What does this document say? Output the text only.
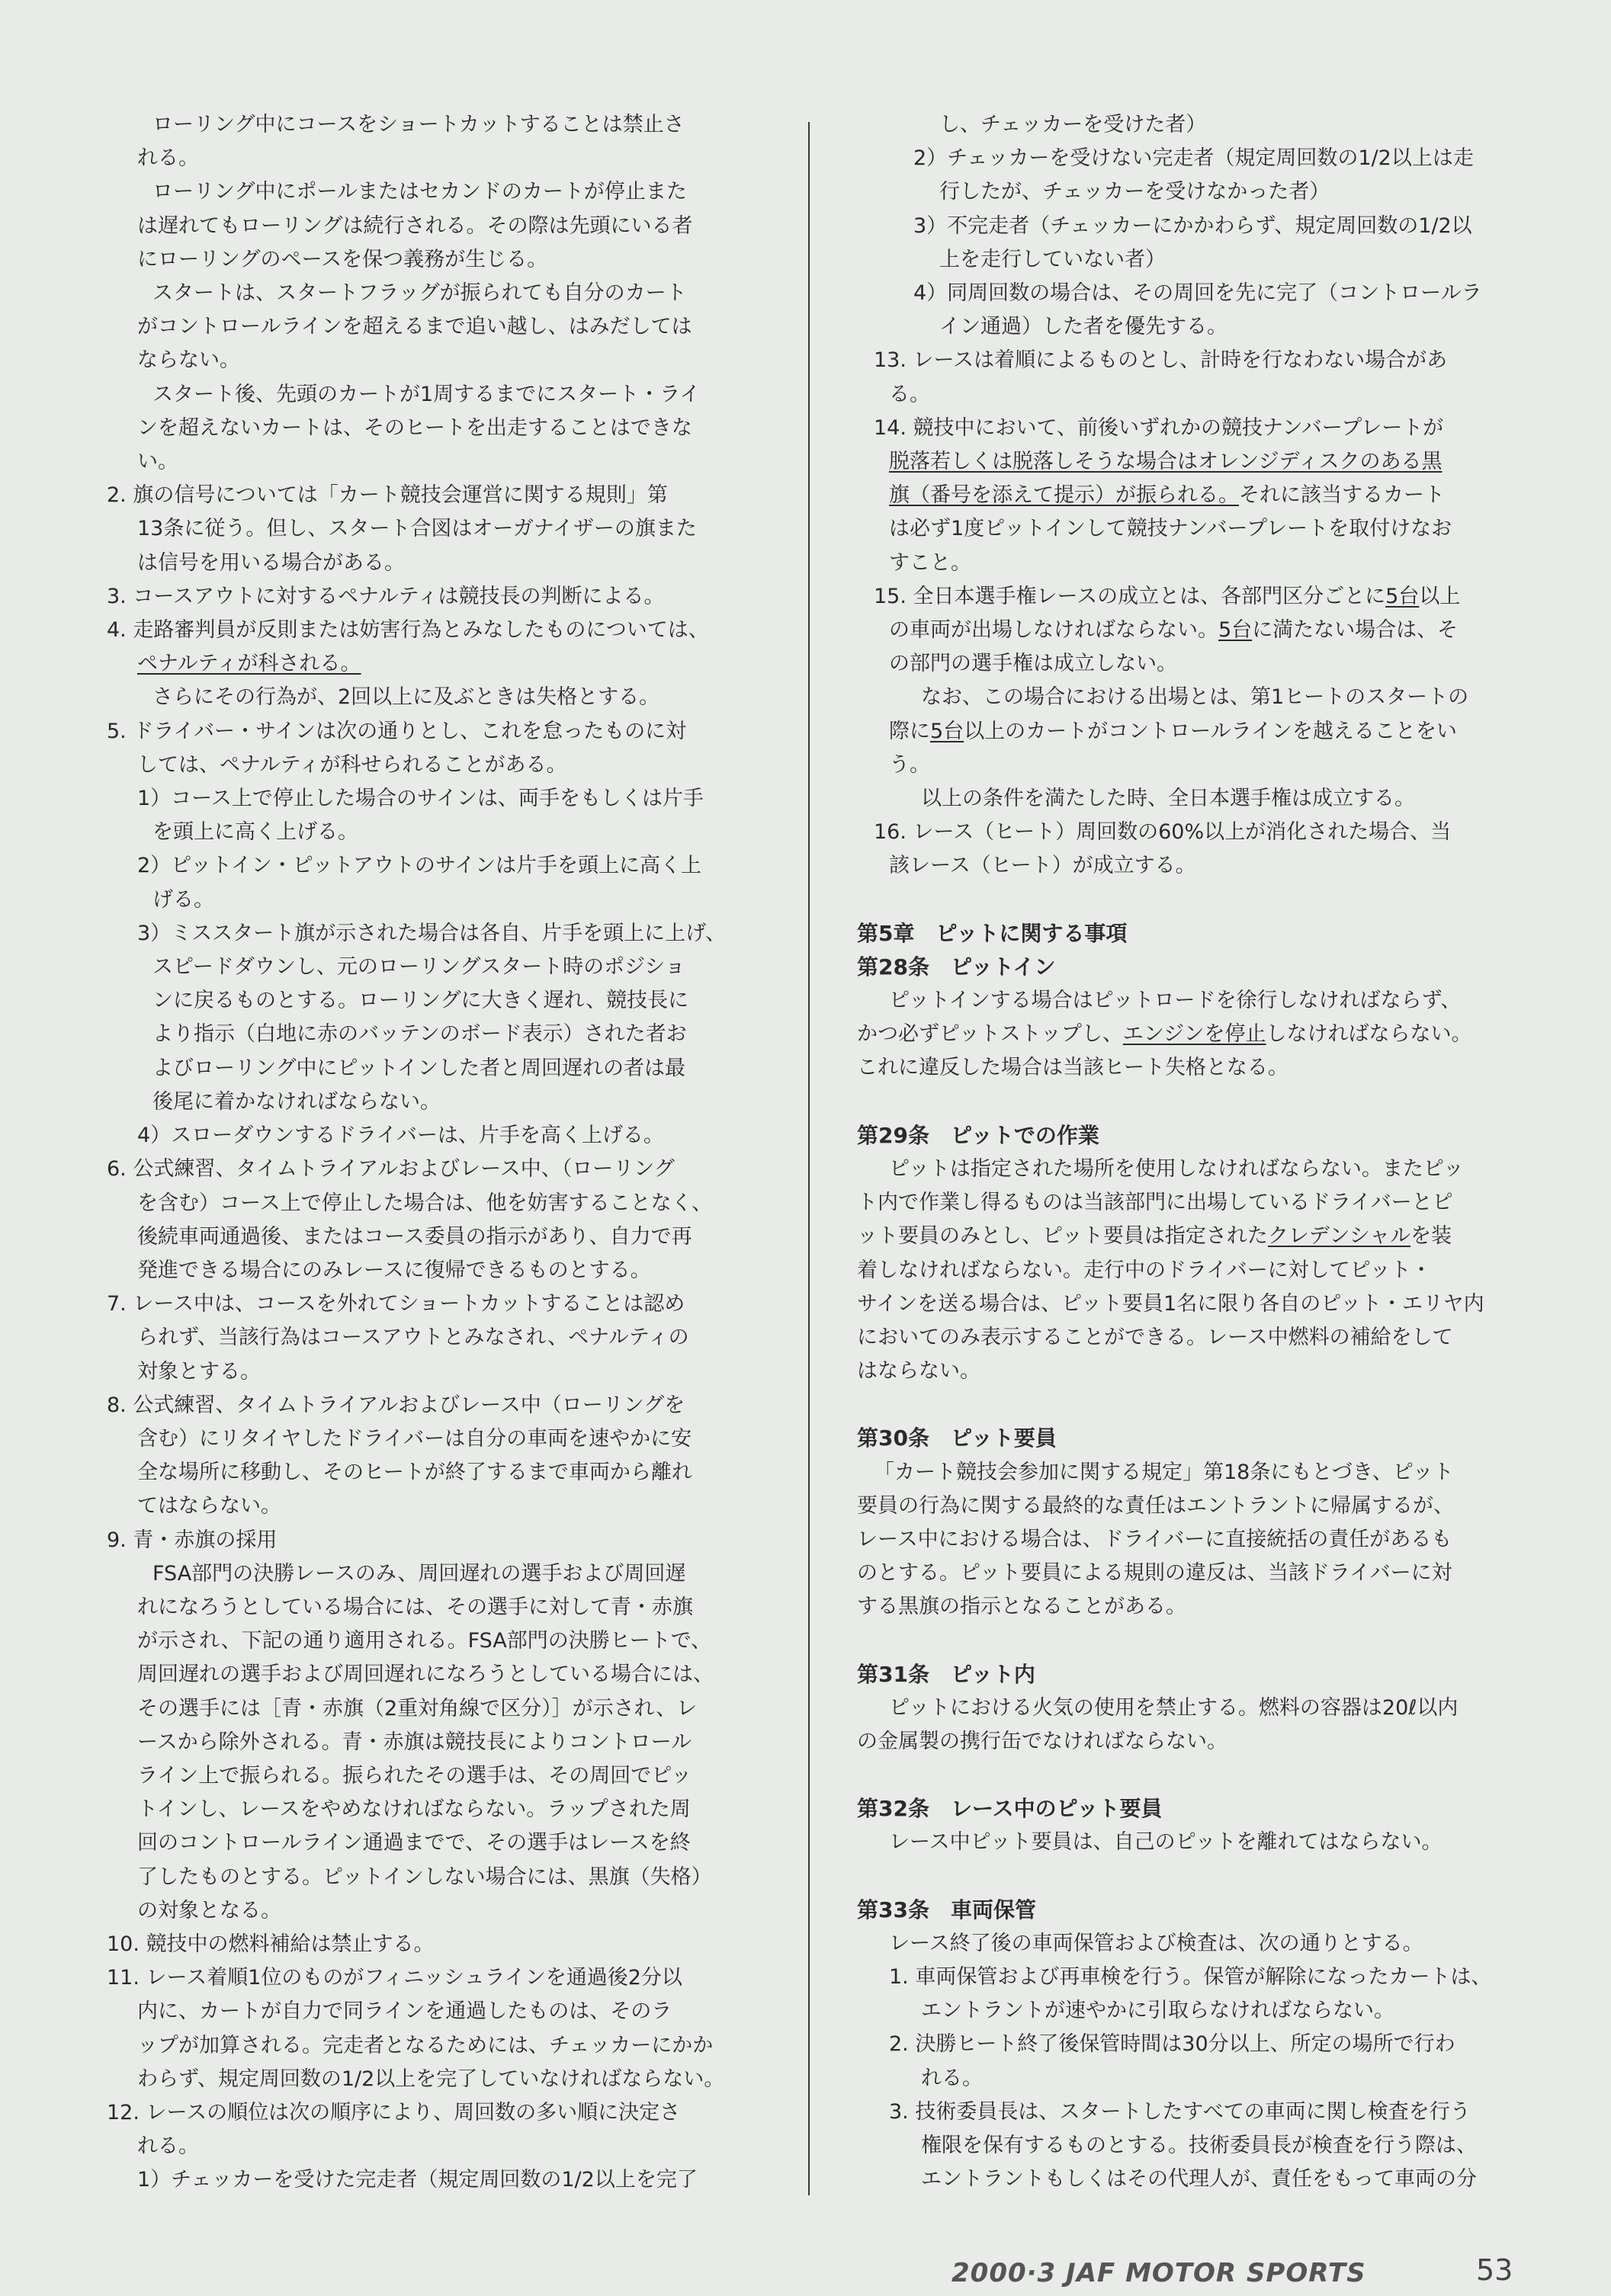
ローリング中にコースをショートカットすることは禁止さ
れる。
ローリング中にポールまたはセカンドのカートが停止また
は遅れてもローリングは続行される。その際は先頭にいる者
にローリングのペースを保つ義務が生じる。
スタートは、スタートフラッグが振られても自分のカート
がコントロールラインを超えるまで追い越し、はみだしては
ならない。
スタート後、先頭のカートが1周するまでにスタート・ライ
ンを超えないカートは、そのヒートを出走することはできな
い。
2. 旗の信号については「カート競技会運営に関する規則」第
13条に従う。但し、スタート合図はオーガナイザーの旗また
は信号を用いる場合がある。
3. コースアウトに対するペナルティは競技長の判断による。
4. 走路審判員が反則または妨害行為とみなしたものについては、
ペナルティが科される。
さらにその行為が、2回以上に及ぶときは失格とする。
5. ドライバー・サインは次の通りとし、これを怠ったものに対
しては、ペナルティが科せられることがある。
1）コース上で停止した場合のサインは、両手をもしくは片手
を頭上に高く上げる。
2）ピットイン・ピットアウトのサインは片手を頭上に高く上
げる。
3）ミススタート旗が示された場合は各自、片手を頭上に上げ、
スピードダウンし、元のローリングスタート時のポジショ
ンに戻るものとする。ローリングに大きく遅れ、競技長に
より指示（白地に赤のバッテンのボード表示）された者お
よびローリング中にピットインした者と周回遅れの者は最
後尾に着かなければならない。
4）スローダウンするドライバーは、片手を高く上げる。
6. 公式練習、タイムトライアルおよびレース中、（ローリング
を含む）コース上で停止した場合は、他を妨害することなく、
後続車両通過後、またはコース委員の指示があり、自力で再
発進できる場合にのみレースに復帰できるものとする。
7. レース中は、コースを外れてショートカットすることは認め
られず、当該行為はコースアウトとみなされ、ペナルティの
対象とする。
8. 公式練習、タイムトライアルおよびレース中（ローリングを
含む）にリタイヤしたドライバーは自分の車両を速やかに安
全な場所に移動し、そのヒートが終了するまで車両から離れ
てはならない。
9. 青・赤旗の採用
FSA部門の決勝レースのみ、周回遅れの選手および周回遅
れになろうとしている場合には、その選手に対して青・赤旗
が示され、下記の通り適用される。FSA部門の決勝ヒートで、
周回遅れの選手および周回遅れになろうとしている場合には、
その選手には［青・赤旗（2重対角線で区分）］が示され、レ
ースから除外される。青・赤旗は競技長によりコントロール
ライン上で振られる。振られたその選手は、その周回でピッ
トインし、レースをやめなければならない。ラップされた周
回のコントロールライン通過までで、その選手はレースを終
了したものとする。ピットインしない場合には、黒旗（失格）
の対象となる。
10. 競技中の燃料補給は禁止する。
11. レース着順1位のものがフィニッシュラインを通過後2分以
内に、カートが自力で同ラインを通過したものは、そのラ
ップが加算される。完走者となるためには、チェッカーにかか
わらず、規定周回数の1/2以上を完了していなければならない。
12. レースの順位は次の順序により、周回数の多い順に決定さ
れる。
1）チェッカーを受けた完走者（規定周回数の1/2以上を完了
し、チェッカーを受けた者）
2）チェッカーを受けない完走者（規定周回数の1/2以上は走
行したが、チェッカーを受けなかった者）
3）不完走者（チェッカーにかかわらず、規定周回数の1/2以
上を走行していない者）
4）同周回数の場合は、その周回を先に完了（コントロールラ
イン通過）した者を優先する。
13. レースは着順によるものとし、計時を行なわない場合があ
る。
14. 競技中において、前後いずれかの競技ナンバープレートが
脱落若しくは脱落しそうな場合はオレンジディスクのある黒
旗（番号を添えて提示）が振られる。それに該当するカート
は必ず1度ピットインして競技ナンバープレートを取付けなお
すこと。
15. 全日本選手権レースの成立とは、各部門区分ごとに5台以上
の車両が出場しなければならない。5台に満たない場合は、そ
の部門の選手権は成立しない。
なお、この場合における出場とは、第1ヒートのスタートの
際に5台以上のカートがコントロールラインを越えることをい
う。
以上の条件を満たした時、全日本選手権は成立する。
16. レース（ヒート）周回数の60%以上が消化された場合、当
該レース（ヒート）が成立する。
第5章　ピットに関する事項
第28条　ピットイン
ピットインする場合はピットロードを徐行しなければならず、
かつ必ずピットストップし、エンジンを停止しなければならない。
これに違反した場合は当該ヒート失格となる。
第29条　ピットでの作業
ピットは指定された場所を使用しなければならない。またピッ
ト内で作業し得るものは当該部門に出場しているドライバーとピ
ット要員のみとし、ピット要員は指定されたクレデンシャルを装
着しなければならない。走行中のドライバーに対してピット・
サインを送る場合は、ピット要員1名に限り各自のピット・エリヤ内
においてのみ表示することができる。レース中燃料の補給をして
はならない。
第30条　ピット要員
「カート競技会参加に関する規定」第18条にもとづき、ピット
要員の行為に関する最終的な責任はエントラントに帰属するが、
レース中における場合は、ドライバーに直接統括の責任があるも
のとする。ピット要員による規則の違反は、当該ドライバーに対
する黒旗の指示となることがある。
第31条　ピット内
ピットにおける火気の使用を禁止する。燃料の容器は20ℓ以内
の金属製の携行缶でなければならない。
第32条　レース中のピット要員
レース中ピット要員は、自己のピットを離れてはならない。
第33条　車両保管
レース終了後の車両保管および検査は、次の通りとする。
1. 車両保管および再車検を行う。保管が解除になったカートは、
エントラントが速やかに引取らなければならない。
2. 決勝ヒート終了後保管時間は30分以上、所定の場所で行わ
れる。
3. 技術委員長は、スタートしたすべての車両に関し検査を行う
権限を保有するものとする。技術委員長が検査を行う際は、
エントラントもしくはその代理人が、責任をもって車両の分
2000·3 JAF MOTOR SPORTS	53
